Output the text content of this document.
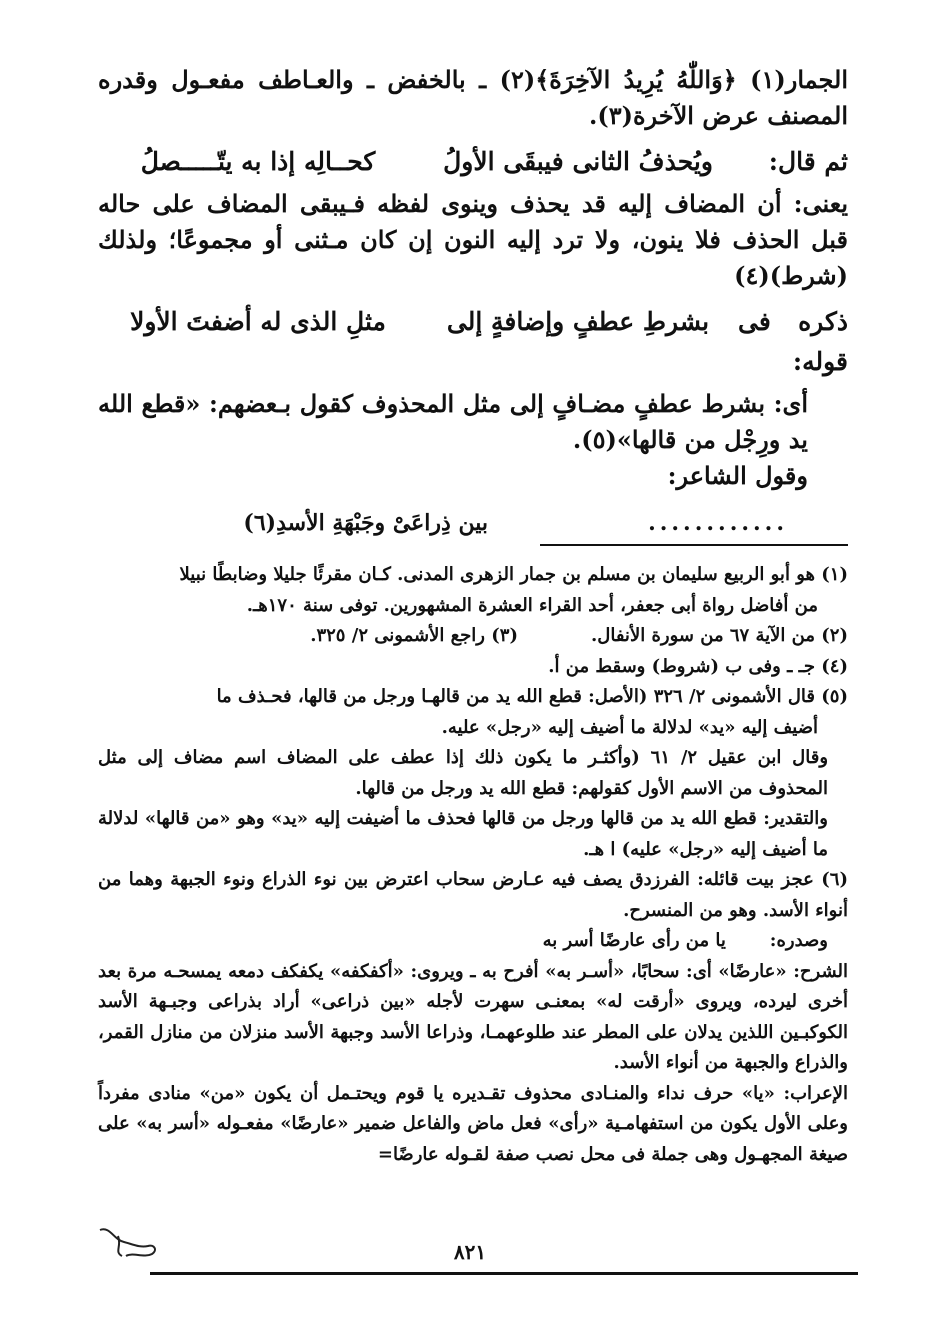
الجمار(١) ﴿وَاللّٰهُ يُرِيدُ الآخِرَةَ﴾(٢) ـ بالخفض ـ والعـاطف مفعـول وقدره المصنف عرض الآخرة(٣).

ثم قال:
ويُحذفُ الثانى فيبقَى الأولُ
كحــالِه إذا به يتّـــــصلُ

يعنى: أن المضاف إليه قد يحذف وينوى لفظه فـيبقى المضاف على حاله قبل الحذف فلا ينون، ولا ترد إليه النون إن كان مـثنى أو مجموعًا؛ ولذلك (شرط)(٤)

ذكره فى قوله:
بشرطِ عطفٍ وإضافةٍ إلى
مثلِ الذى له أضفتَ الأولا

أى: بشرط عطفٍ مضـافٍ إلى مثل المحذوف كقول بـعضهم: «قطع الله يد ورِجْل من قالها»(٥).

وقول الشاعر:

............
بين ذِراعَىْ وجَبْهَةِ الأسدِ(٦)

(١) هو أبو الربيع سليمان بن مسلم بن جمار الزهرى المدنى. كـان مقرئًا جليلا وضابطًا نبيلا

من أفاضل رواة أبى جعفر، أحد القراء العشرة المشهورين. توفى سنة ١٧٠هـ.

(٢) من الآية ٦٧ من سورة الأنفال.
(٣) راجع الأشمونى ٢/ ٣٢٥.

(٤) جـ ـ وفى ب (شروط) وسقط من أ.

(٥) قال الأشمونى ٢/ ٣٢٦ (الأصل: قطع الله يد من قالهـا ورجل من قالها، فحـذف ما

أضيف إليه «يد» لدلالة ما أضيف إليه «رجل» عليه.

وقال ابن عقيل ٢/ ٦١ (وأكثـر ما يكون ذلك إذا عطف على المضاف اسم مضاف إلى مثل المحذوف من الاسم الأول كقولهم: قطع الله يد ورجل من قالها.

والتقدير: قطع الله يد من قالها ورجل من قالها فحذف ما أضيفت إليه «يد» وهو «من قالها» لدلالة ما أضيف إليه «رجل» عليه) ا هـ.

(٦) عجز بيت قائله: الفرزدق يصف فيه عـارض سحاب اعترض بين نوء الذراع ونوء الجبهة وهما من أنواء الأسد. وهو من المنسرح.

وصدره:       يا من رأى عارضًا أسر به

الشرح: «عارضًا» أى: سحابًا، «أسـر به» أفرح به ـ ويروى: «أكفكفه» يكفكف دمعه يمسحـه مرة بعد أخرى ليرده، ويروى «أرقت له» بمعنـى سهرت لأجله «بين ذراعى» أراد بذراعى وجبـهة الأسد الكوكبـين اللذين يدلان على المطر عند طلوعهمـا، وذراعا الأسد وجبهة الأسد منزلان من منازل القمر، والذراع والجبهة من أنواء الأسد.

الإعراب: «يا» حرف نداء والمنـادى محذوف تقـديره يا قوم ويحتـمل أن يكون «من» منادى مفرداً وعلى الأول يكون من استفهامـية «رأى» فعل ماض والفاعل ضمير «عارضًا» مفعـوله «أسر به» على صيغة المجهـول وهى جملة فى محل نصب صفة لقـوله عارضًا=

٨٢١
